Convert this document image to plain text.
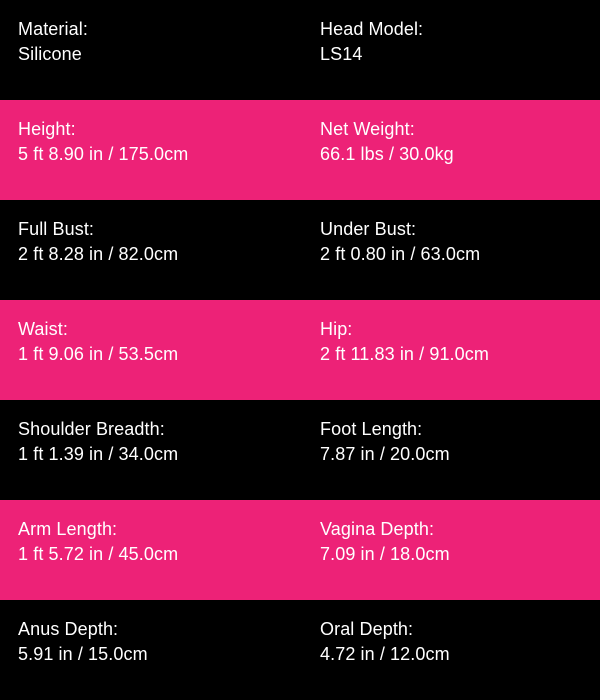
Material:
Silicone
Head Model:
LS14
Height:
5 ft 8.90 in / 175.0cm
Net Weight:
66.1 lbs / 30.0kg
Full Bust:
2 ft 8.28 in / 82.0cm
Under Bust:
2 ft 0.80 in / 63.0cm
Waist:
1 ft 9.06 in / 53.5cm
Hip:
2 ft 11.83 in / 91.0cm
Shoulder Breadth:
1 ft 1.39 in / 34.0cm
Foot Length:
7.87 in / 20.0cm
Arm Length:
1 ft 5.72 in / 45.0cm
Vagina Depth:
7.09 in / 18.0cm
Anus Depth:
5.91 in / 15.0cm
Oral Depth:
4.72 in / 12.0cm
